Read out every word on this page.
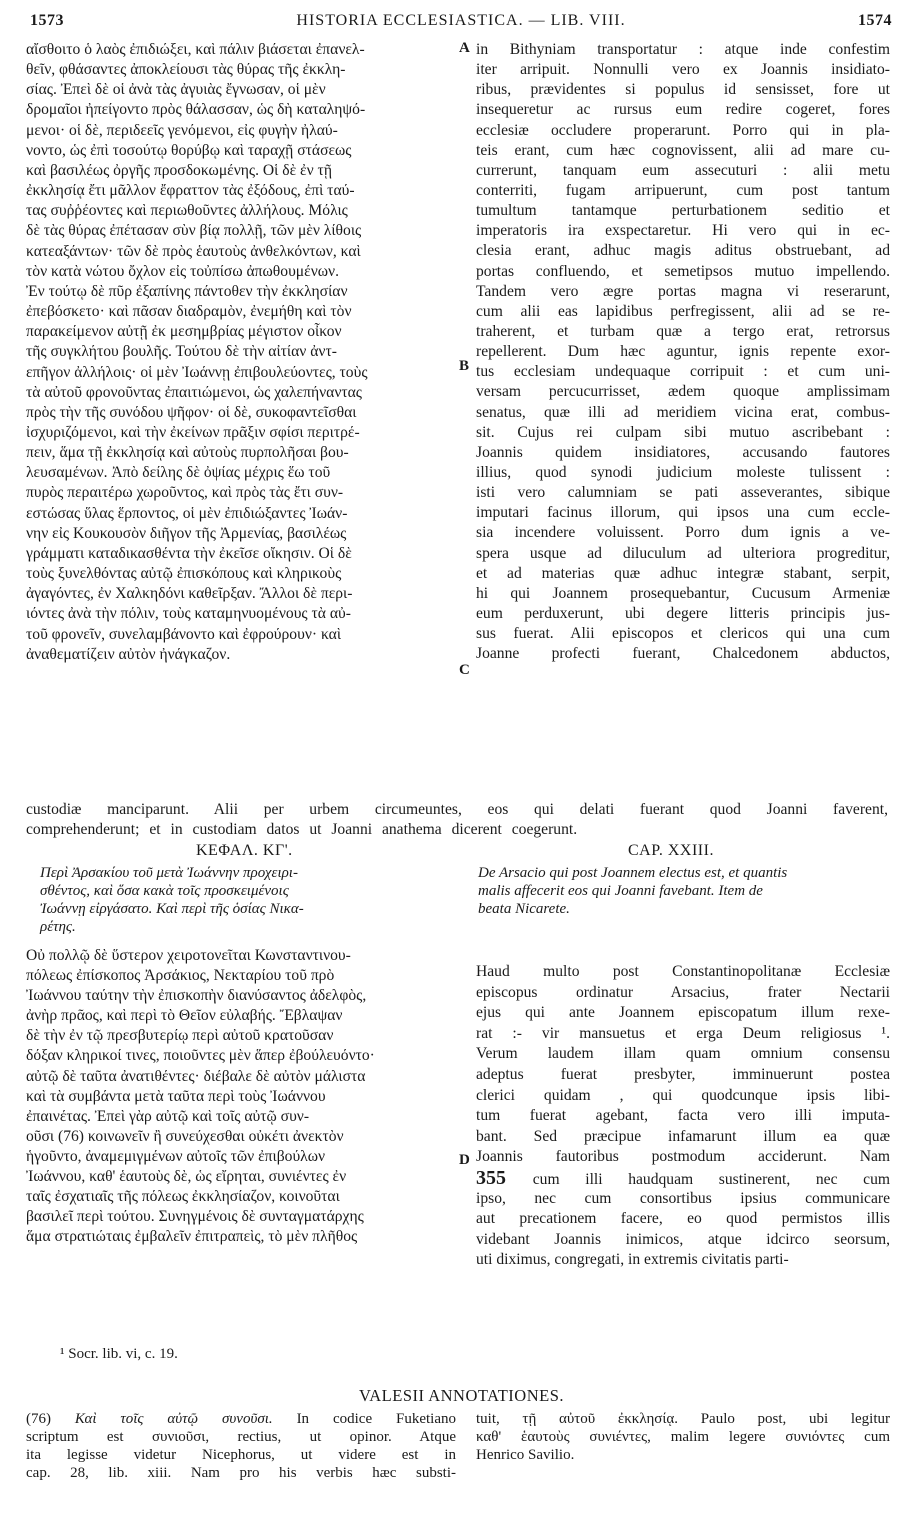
1573	HISTORIA ECCLESIASTICA. — LIB. VIII.	1574
αἴσθοιτο ὁ λαὸς ἐπιδιώξει, καὶ πάλιν βιάσεται ἐπανελ-
θεῖν, φθάσαντες ἀποκλείουσι τὰς θύρας τῆς ἐκκλη-
σίας. Ἐπεὶ δὲ οἱ ἀνὰ τὰς ἀγυιὰς ἔγνωσαν, οἱ μὲν
δρομαῖοι ἠπείγοντο πρὸς θάλασσαν, ὡς δὴ καταληψό-
μενοι· οἱ δὲ, περιδεεῖς γενόμενοι, εἰς φυγὴν ἠλαύ-
νοντο, ὡς ἐπὶ τοσούτῳ θορύβῳ καὶ ταραχῇ στάσεως
καὶ βασιλέως ὀργῆς προσδοκωμένης. Οἱ δὲ ἐν τῇ
ἐκκλησίᾳ ἔτι μᾶλλον ἔφραττον τὰς ἐξόδους, ἐπὶ ταύ-
τας συῤῥέοντες καὶ περιωθοῦντες ἀλλήλους. Μόλις
δὲ τὰς θύρας ἐπέτασαν σὺν βίᾳ πολλῇ, τῶν μὲν λίθοις
κατεαξάντων· τῶν δὲ πρὸς ἑαυτοὺς ἀνθελκόντων, καὶ
τὸν κατὰ νώτου ὄχλον εἰς τοὐπίσω ἀπωθουμένων.
Ἐν τούτῳ δὲ πῦρ ἐξαπίνης πάντοθεν τὴν ἐκκλησίαν
ἐπεβόσκετο· καὶ πᾶσαν διαδραμὸν, ἐνεμήθη καὶ τὸν
παρακείμενον αὐτῇ ἐκ μεσημβρίας μέγιστον οἶκον
τῆς συγκλήτου βουλῆς. Τούτου δὲ τὴν αἰτίαν ἀντ-
επῆγον ἀλλήλοις· οἱ μὲν Ἰωάννῃ ἐπιβουλεύοντες, τοὺς
τὰ αὐτοῦ φρονοῦντας ἐπαιτιώμενοι, ὡς χαλεπήναντας
πρὸς τὴν τῆς συνόδου ψῆφον· οἱ δὲ, συκοφαντεῖσθαι
ἰσχυριζόμενοι, καὶ τὴν ἐκείνων πρᾶξιν σφίσι περιτρέ-
πειν, ἅμα τῇ ἐκκλησίᾳ καὶ αὐτοὺς πυρπολῆσαι βου-
λευσαμένων. Ἀπὸ δείλης δὲ ὀψίας μέχρις ἕω τοῦ
πυρὸς περαιτέρω χωροῦντος, καὶ πρὸς τὰς ἔτι συν-
εστώσας ὕλας ἕρποντος, οἱ μὲν ἐπιδιώξαντες Ἰωάν-
νην εἰς Κουκουσὸν διῆγον τῆς Ἀρμενίας, βασιλέως
γράμματι καταδικασθέντα τὴν ἐκεῖσε οἴκησιν. Οἱ δὲ
τοὺς ξυνελθόντας αὐτῷ ἐπισκόπους καὶ κληρικοὺς
ἀγαγόντες, ἐν Χαλκηδόνι καθεῖρξαν. Ἄλλοι δὲ περι-
ιόντες ἀνὰ τὴν πόλιν, τοὺς καταμηνυομένους τὰ αὐ-
τοῦ φρονεῖν, συνελαμβάνοντο καὶ ἐφρούρουν· καὶ
ἀναθεματίζειν αὐτὸν ἠνάγκαζον.
in Bithyniam transportatur : atque inde confestim
iter arripuit. Nonnulli vero ex Joannis insidiato-
ribus, prævidentes si populus id sensisset, fore ut
insequeretur ac rursus eum redire cogeret, fores
ecclesiæ occludere properarunt. Porro qui in pla-
teis erant, cum hæc cognovissent, alii ad mare cu-
currerunt, tanquam eum assecuturi : alii metu
conterriti, fugam arripuerunt, cum post tantum
tumultum tantamque perturbationem seditio et
imperatoris ira exspectaretur. Hi vero qui in ec-
clesia erant, adhuc magis aditus obstruebant, ad
portas confluendo, et semetipsos mutuo impellendo.
Tandem vero ægre portas magna vi reserarunt,
cum alii eas lapidibus perfregissent, alii ad se re-
traherent, et turbam quæ a tergo erat, retrorsus
repellerent. Dum hæc aguntur, ignis repente exor-
tus ecclesiam undequaque corripuit : et cum uni-
versam percucurrisset, ædem quoque amplissimam
senatus, quæ illi ad meridiem vicina erat, combus-
sit. Cujus rei culpam sibi mutuo ascribebant :
Joannis quidem insidiatores, accusando fautores
illius, quod synodi judicium moleste tulissent :
isti vero calumniam se pati asseverantes, sibique
imputari facinus illorum, qui ipsos una cum eccle-
sia incendere voluissent. Porro dum ignis a ve-
spera usque ad diluculum ad ulteriora progreditur,
et ad materias quæ adhuc integræ stabant, serpit,
hi qui Joannem prosequebantur, Cucusum Armeniæ
eum perduxerunt, ubi degere litteris principis jus-
sus fuerat. Alii episcopos et clericos qui una cum
Joanne profecti fuerant, Chalcedonem abductos,
A
B
C
D
custodiæ manciparunt. Alii per urbem circumeuntes, eos qui delati fuerant quod Joanni faverent,
comprehenderunt; et in custodiam datos ut Joanni anathema dicerent coegerunt.
ΚΕΦΑΛ. ΚΓ'.	CAP. XXIII.
Περὶ Ἀρσακίου τοῦ μετὰ Ἰωάννην προχειρι-
σθέντος, καὶ ὅσα κακὰ τοῖς προσκειμένοις
Ἰωάννῃ εἰργάσατο. Καὶ περὶ τῆς ὁσίας Νικα-
ρέτης.
De Arsacio qui post Joannem electus est, et quantis
malis affecerit eos qui Joanni favebant. Item de
beata Nicarete.
Οὐ πολλῷ δὲ ὕστερον χειροτονεῖται Κωνσταντινου-
πόλεως ἐπίσκοπος Ἀρσάκιος, Νεκταρίου τοῦ πρὸ
Ἰωάννου ταύτην τὴν ἐπισκοπὴν διανύσαντος ἀδελφὸς,
ἀνὴρ πρᾶος, καὶ περὶ τὸ Θεῖον εὐλαβής. Ἔβλαψαν
δὲ τὴν ἐν τῷ πρεσβυτερίῳ περὶ αὐτοῦ κρατοῦσαν
δόξαν κληρικοί τινες, ποιοῦντες μὲν ἅπερ ἐβούλευόντο·
αὐτῷ δὲ ταῦτα ἀνατιθέντες· διέβαλε δὲ αὐτὸν μάλιστα
καὶ τὰ συμβάντα μετὰ ταῦτα περὶ τοὺς Ἰωάννου
ἐπαινέτας. Ἐπεὶ γὰρ αὐτῷ καὶ τοῖς αὐτῷ συν-
οῦσι (76) κοινωνεῖν ἢ συνεύχεσθαι οὐκέτι ἀνεκτὸν
ἡγοῦντο, ἀναμεμιγμένων αὐτοῖς τῶν ἐπιβούλων
Ἰωάννου, καθ' ἑαυτοὺς δὲ, ὡς εἴρηται, συνιέντες ἐν
ταῖς ἐσχατιαῖς τῆς πόλεως ἐκκλησίαζον, κοινοῦται
βασιλεῖ περὶ τούτου. Συνηγμένοις δὲ συνταγματάρχης
ἅμα στρατιώταις ἐμβαλεῖν ἐπιτραπεὶς, τὸ μὲν πλῆθος
Haud multo post Constantinopolitanæ Ecclesiæ
episcopus ordinatur Arsacius, frater Nectarii
ejus qui ante Joannem episcopatum illum rexe-
rat :- vir mansuetus et erga Deum religiosus ¹.
Verum laudem illam quam omnium consensu
adeptus fuerat presbyter, imminuerunt postea
clerici quidam , qui quodcunque ipsis libi-
tum fuerat agebant, facta vero illi imputa-
bant. Sed præcipue infamarunt illum ea quæ
Joannis fautoribus postmodum acciderunt. Nam
355 cum illi haudquam sustinerent, nec cum
ipso, nec cum consortibus ipsius communicare
aut precationem facere, eo quod permistos illis
videbant Joannis inimicos, atque idcirco seorsum,
uti diximus, congregati, in extremis civitatis parti-
¹ Socr. lib. vi, c. 19.
VALESII ANNOTATIONES.
(76) Καὶ τοῖς αὐτῷ συνοῦσι. In codice Fuketiano
scriptum est συνιοῦσι, rectius, ut opinor. Atque
ita legisse videtur Nicephorus, ut videre est in
cap. 28, lib. xiii. Nam pro his verbis hæc substi-
tuit, τῇ αὐτοῦ ἐκκλησίᾳ. Paulo post, ubi legitur
καθ' ἑαυτοὺς συνιέντες, malim legere συνιόντες cum
Henrico Savilio.
